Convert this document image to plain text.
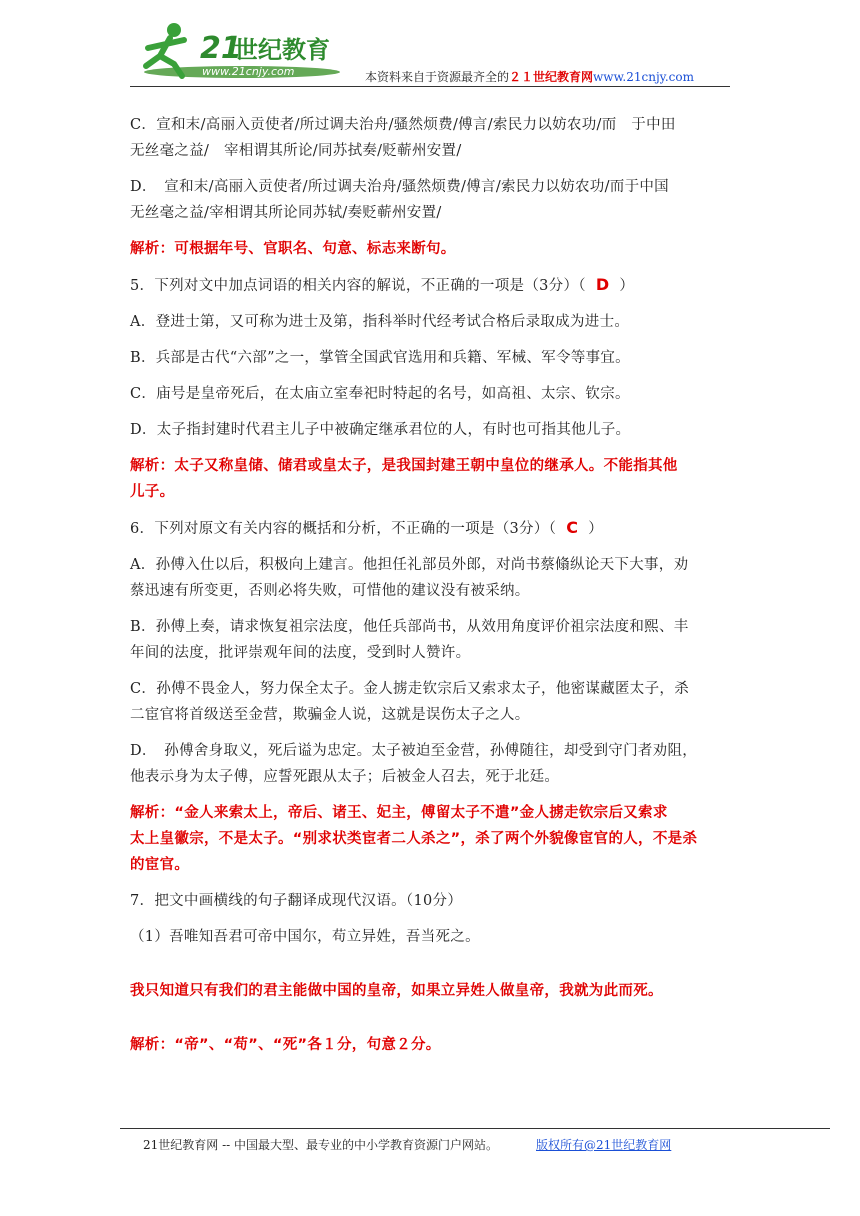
21
世纪教育
www.21cnjy.com	本资料来自于资源最齐全的２１世纪教育网www.21cnjy.com

C．宣和末/高丽入贡使者/所过调夫治舟/骚然烦费/傅言/索民力以妨农功/而　于中田

无丝毫之益/　宰相谓其所论/同苏拭奏/贬蕲州安置/

D．　宣和末/高丽入贡使者/所过调夫治舟/骚然烦费/傅言/索民力以妨农功/而于中国

无丝毫之益/宰相谓其所论同苏轼/奏贬蕲州安置/

解析：可根据年号、官职名、句意、标志来断句。

5．下列对文中加点词语的相关内容的解说，不正确的一项是（3分）（ D ）

A．登进士第，又可称为进士及第，指科举时代经考试合格后录取成为进士。

B．兵部是古代“六部”之一，掌管全国武官选用和兵籍、军械、军令等事宜。

C．庙号是皇帝死后，在太庙立室奉祀时特起的名号，如高祖、太宗、钦宗。

D．太子指封建时代君主儿子中被确定继承君位的人，有时也可指其他儿子。

解析：太子又称皇储、储君或皇太子，是我国封建王朝中皇位的继承人。不能指其他

儿子。

6．下列对原文有关内容的概括和分析，不正确的一项是（3分）（ C ）

A．孙傅入仕以后，积极向上建言。他担任礼部员外郎，对尚书蔡翛纵论天下大事，劝

蔡迅速有所变更，否则必将失败，可惜他的建议没有被采纳。

B．孙傅上奏，请求恢复祖宗法度，他任兵部尚书，从效用角度评价祖宗法度和熙、丰

年间的法度，批评崇观年间的法度，受到时人赞许。

C．孙傅不畏金人，努力保全太子。金人掳走钦宗后又索求太子，他密谋藏匿太子，杀

二宦官将首级送至金营，欺骗金人说，这就是误伤太子之人。

D．　孙傅舍身取义，死后谥为忠定。太子被迫至金营，孙傅随往，却受到守门者劝阻，

他表示身为太子傅，应誓死跟从太子；后被金人召去，死于北廷。

解析：“金人来索太上，帝后、诸王、妃主，傅留太子不遣”金人掳走钦宗后又索求

太上皇徽宗，不是太子。“别求状类宦者二人杀之”，杀了两个外貌像宦官的人，不是杀

的宦官。

7．把文中画横线的句子翻译成现代汉语。（10分）

（1）吾唯知吾君可帝中国尔，苟立异姓，吾当死之。

我只知道只有我们的君主能做中国的皇帝，如果立异姓人做皇帝，我就为此而死。

解析：“帝”、“苟”、“死”各１分，句意２分。

21世纪教育网 -- 中国最大型、最专业的中小学教育资源门户网站。	版权所有@21世纪教育网
